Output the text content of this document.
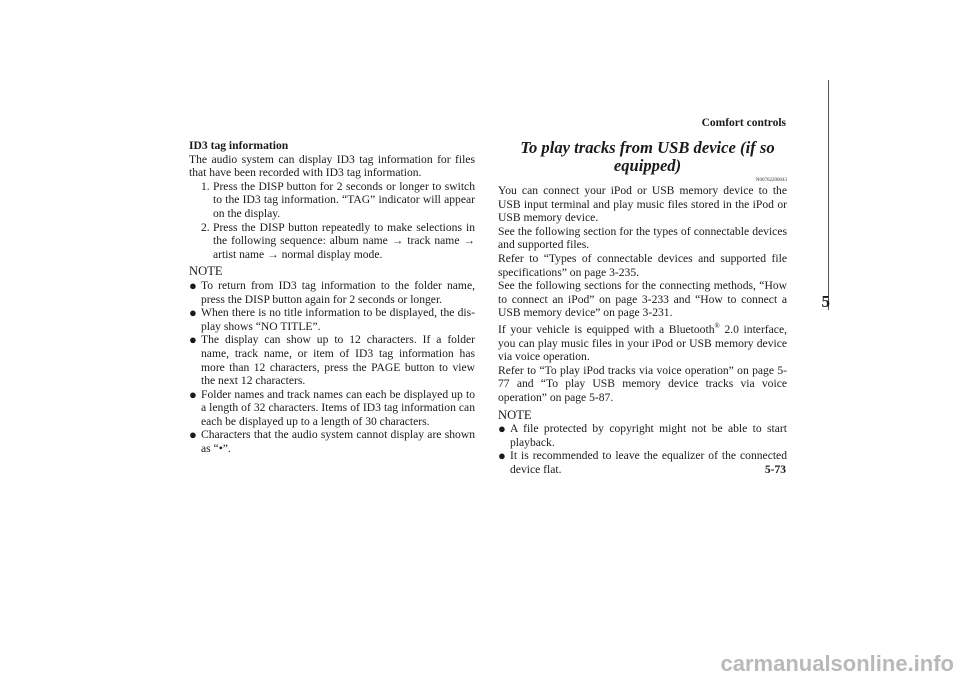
Comfort controls
5
ID3 tag information
The audio system can display ID3 tag information for files that have been recorded with ID3 tag information.
1. Press the DISP button for 2 seconds or longer to switch to the ID3 tag information. “TAG” indicator will appear on the display.
2. Press the DISP button repeatedly to make selections in the following sequence: album name → track name → artist name → normal display mode.
NOTE
● To return from ID3 tag information to the folder name, press the DISP button again for 2 seconds or longer.
● When there is no title information to be displayed, the dis-play shows “NO TITLE”.
● The display can show up to 12 characters. If a folder name, track name, or item of ID3 tag information has more than 12 characters, press the PAGE button to view the next 12 characters.
● Folder names and track names can each be displayed up to a length of 32 characters. Items of ID3 tag information can each be displayed up to a length of 30 characters.
● Characters that the audio system cannot display are shown as “•”.
To play tracks from USB device (if so equipped)
N00762200043
You can connect your iPod or USB memory device to the USB input terminal and play music files stored in the iPod or USB memory device.
See the following section for the types of connectable devices and supported files.
Refer to “Types of connectable devices and supported file specifications” on page 3-235.
See the following sections for the connecting methods, “How to connect an iPod” on page 3-233 and “How to connect a USB memory device” on page 3-231.
If your vehicle is equipped with a Bluetooth® 2.0 interface, you can play music files in your iPod or USB memory device via voice operation.
Refer to “To play iPod tracks via voice operation” on page 5-77 and “To play USB memory device tracks via voice operation” on page 5-87.
NOTE
● A file protected by copyright might not be able to start playback.
● It is recommended to leave the equalizer of the connected device flat.	5-73
carmanualsonline.info
